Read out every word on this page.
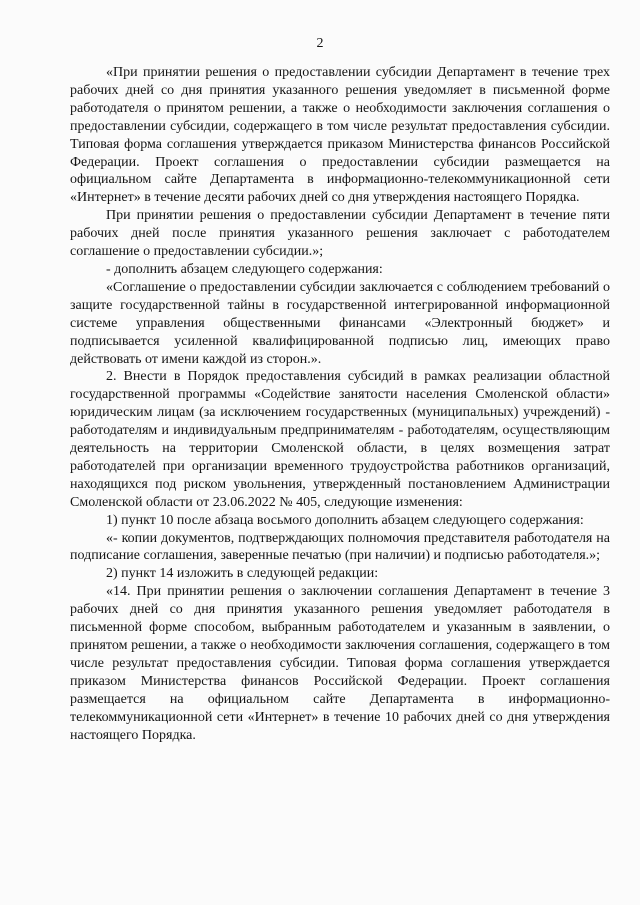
2

«При принятии решения о предоставлении субсидии Департамент в течение трех рабочих дней со дня принятия указанного решения уведомляет в письменной форме работодателя о принятом решении, а также о необходимости заключения соглашения о предоставлении субсидии, содержащего в том числе результат предоставления субсидии. Типовая форма соглашения утверждается приказом Министерства финансов Российской Федерации. Проект соглашения о предоставлении субсидии размещается на официальном сайте Департамента в информационно-телекоммуникационной сети «Интернет» в течение десяти рабочих дней со дня утверждения настоящего Порядка.

При принятии решения о предоставлении субсидии Департамент в течение пяти рабочих дней после принятия указанного решения заключает с работодателем соглашение о предоставлении субсидии.»;

- дополнить абзацем следующего содержания:

«Соглашение о предоставлении субсидии заключается с соблюдением требований о защите государственной тайны в государственной интегрированной информационной системе управления общественными финансами «Электронный бюджет» и подписывается усиленной квалифицированной подписью лиц, имеющих право действовать от имени каждой из сторон.».

2. Внести в Порядок предоставления субсидий в рамках реализации областной государственной программы «Содействие занятости населения Смоленской области» юридическим лицам (за исключением государственных (муниципальных) учреждений) - работодателям и индивидуальным предпринимателям - работодателям, осуществляющим деятельность на территории Смоленской области, в целях возмещения затрат работодателей при организации временного трудоустройства работников организаций, находящихся под риском увольнения, утвержденный постановлением Администрации Смоленской области от 23.06.2022 № 405, следующие изменения:

1) пункт 10 после абзаца восьмого дополнить абзацем следующего содержания:

«- копии документов, подтверждающих полномочия представителя работодателя на подписание соглашения, заверенные печатью (при наличии) и подписью работодателя.»;

2) пункт 14 изложить в следующей редакции:

«14. При принятии решения о заключении соглашения Департамент в течение 3 рабочих дней со дня принятия указанного решения уведомляет работодателя в письменной форме способом, выбранным работодателем и указанным в заявлении, о принятом решении, а также о необходимости заключения соглашения, содержащего в том числе результат предоставления субсидии. Типовая форма соглашения утверждается приказом Министерства финансов Российской Федерации. Проект соглашения размещается на официальном сайте Департамента в информационно-телекоммуникационной сети «Интернет» в течение 10 рабочих дней со дня утверждения настоящего Порядка.
